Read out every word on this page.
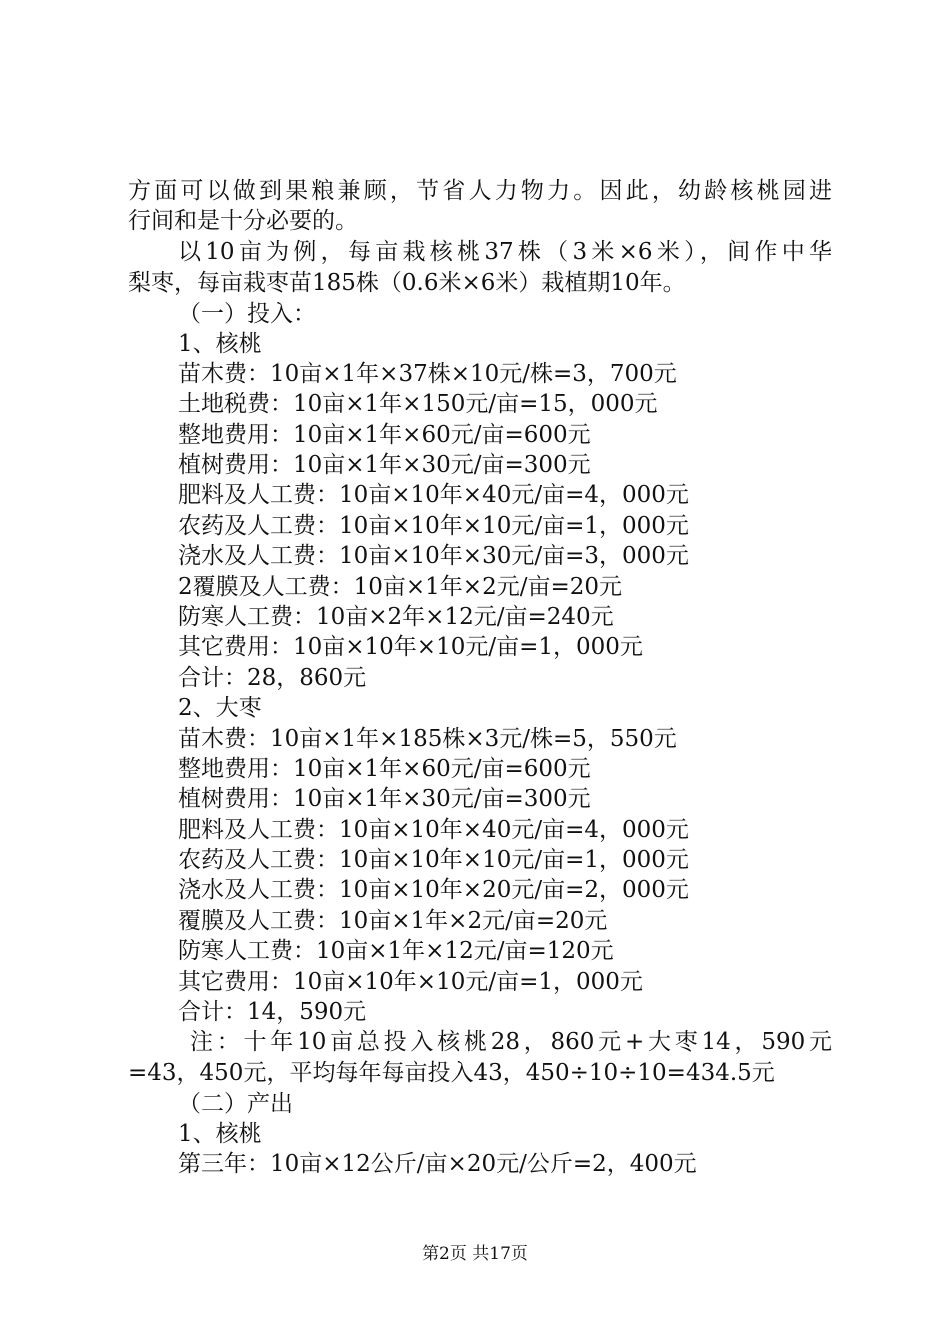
方面可以做到果粮兼顾，节省人力物力。因此，幼龄核桃园进
行间和是十分必要的。
以10亩为例，每亩栽核桃37株（3米×6米），间作中华
梨枣，每亩栽枣苗185株（0.6米×6米）栽植期10年。
（一）投入：
1、核桃
苗木费：10亩×1年×37株×10元/株=3，700元
土地税费：10亩×1年×150元/亩=15，000元
整地费用：10亩×1年×60元/亩=600元
植树费用：10亩×1年×30元/亩=300元
肥料及人工费：10亩×10年×40元/亩=4，000元
农药及人工费：10亩×10年×10元/亩=1，000元
浇水及人工费：10亩×10年×30元/亩=3，000元
2覆膜及人工费：10亩×1年×2元/亩=20元
防寒人工费：10亩×2年×12元/亩=240元
其它费用：10亩×10年×10元/亩=1，000元
合计：28，860元
2、大枣
苗木费：10亩×1年×185株×3元/株=5，550元
整地费用：10亩×1年×60元/亩=600元
植树费用：10亩×1年×30元/亩=300元
肥料及人工费：10亩×10年×40元/亩=4，000元
农药及人工费：10亩×10年×10元/亩=1，000元
浇水及人工费：10亩×10年×20元/亩=2，000元
覆膜及人工费：10亩×1年×2元/亩=20元
防寒人工费：10亩×1年×12元/亩=120元
其它费用：10亩×10年×10元/亩=1，000元
合计：14，590元
注：十年10亩总投入核桃28，860元+大枣14，590元
=43，450元，平均每年每亩投入43，450÷10÷10=434.5元
（二）产出
1、核桃
第三年：10亩×12公斤/亩×20元/公斤=2，400元
第2页 共17页
